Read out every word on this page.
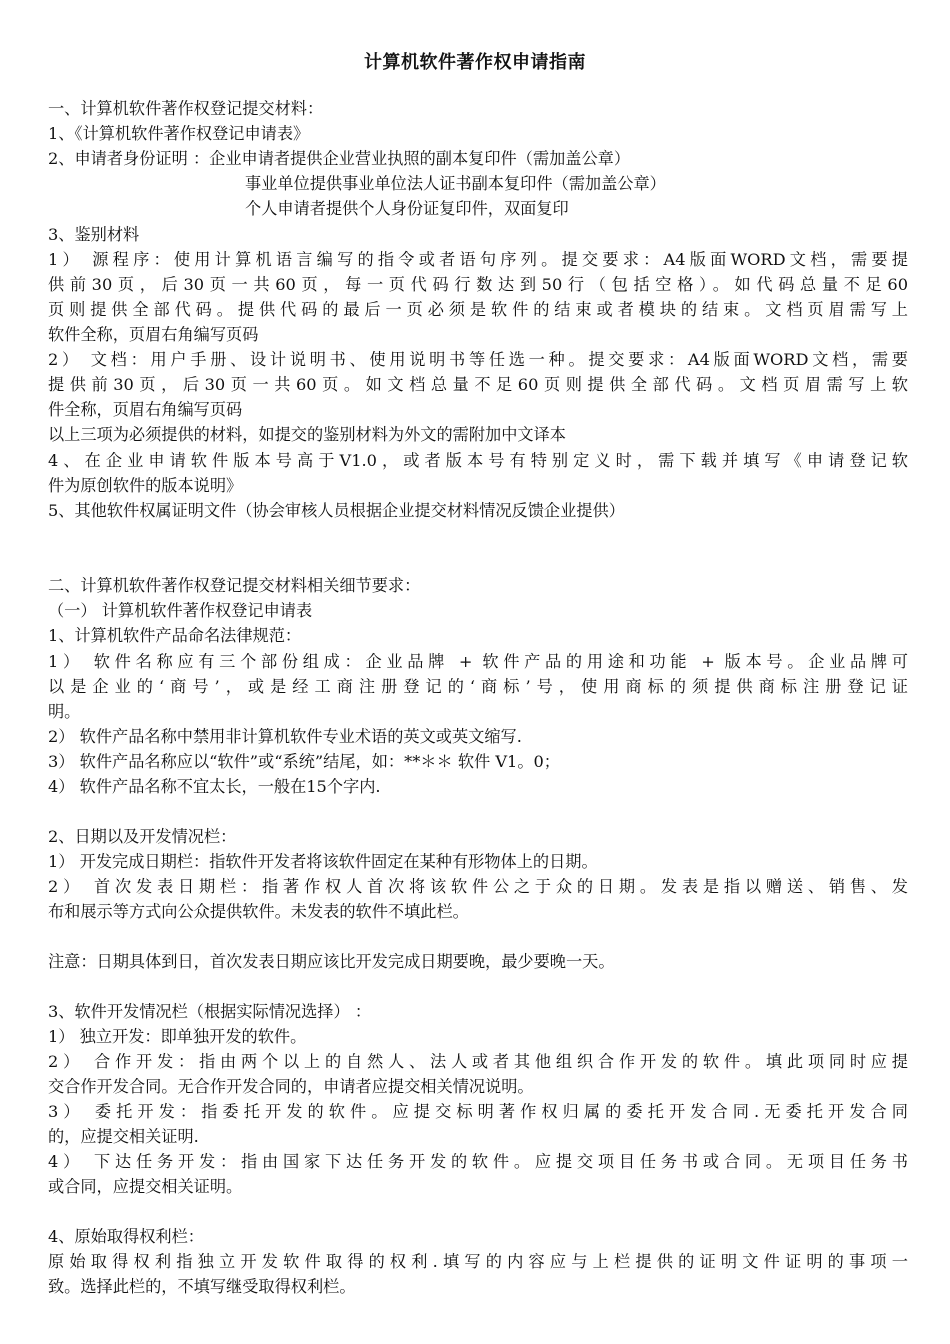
计算机软件著作权申请指南
一、计算机软件著作权登记提交材料：
1、《计算机软件著作权登记申请表》
2、申请者身份证明 ：企业申请者提供企业营业执照的副本复印件（需加盖公章）
事业单位提供事业单位法人证书副本复印件（需加盖公章）
个人申请者提供个人身份证复印件，双面复印
3、鉴别材料
1） 源程序：使用计算机语言编写的指令或者语句序列。提交要求：A4版面WORD文档，需要提
供前30页，后30页一共60页，每一页代码行数达到50行（包括空格）。如代码总量不足60
页则提供全部代码。提供代码的最后一页必须是软件的结束或者模块的结束。文档页眉需写上
软件全称，页眉右角编写页码
2） 文档：用户手册、设计说明书、使用说明书等任选一种。提交要求：A4版面WORD文档，需要
提供前30页，后30页一共60页。如文档总量不足60页则提供全部代码。文档页眉需写上软
件全称，页眉右角编写页码
以上三项为必须提供的材料，如提交的鉴别材料为外文的需附加中文译本
4、在企业申请软件版本号高于V1.0，或者版本号有特别定义时，需下载并填写《申请登记软
件为原创软件的版本说明》
5、其他软件权属证明文件（协会审核人员根据企业提交材料情况反馈企业提供）
二、计算机软件著作权登记提交材料相关细节要求：
（一） 计算机软件著作权登记申请表
1、计算机软件产品命名法律规范：
1） 软件名称应有三个部份组成：企业品牌 + 软件产品的用途和功能 + 版本号。企业品牌可
以是企业的‘商号’，或是经工商注册登记的‘商标’号，使用商标的须提供商标注册登记证
明。
2） 软件产品名称中禁用非计算机软件专业术语的英文或英文缩写.
3） 软件产品名称应以“软件”或“系统”结尾，如：**＊＊ 软件 V1。0；
4） 软件产品名称不宜太长，一般在15个字内.
2、日期以及开发情况栏：
1） 开发完成日期栏：指软件开发者将该软件固定在某种有形物体上的日期。
2） 首次发表日期栏：指著作权人首次将该软件公之于众的日期。发表是指以赠送、销售、发
布和展示等方式向公众提供软件。未发表的软件不填此栏。
注意：日期具体到日，首次发表日期应该比开发完成日期要晚，最少要晚一天。
3、软件开发情况栏（根据实际情况选择） ：
1） 独立开发：即单独开发的软件。
2） 合作开发：指由两个以上的自然人、法人或者其他组织合作开发的软件。填此项同时应提
交合作开发合同。无合作开发合同的，申请者应提交相关情况说明。
3） 委托开发：指委托开发的软件。应提交标明著作权归属的委托开发合同.无委托开发合同
的，应提交相关证明.
4） 下达任务开发：指由国家下达任务开发的软件。应提交项目任务书或合同。无项目任务书
或合同，应提交相关证明。
4、原始取得权利栏：
原始取得权利指独立开发软件取得的权利.填写的内容应与上栏提供的证明文件证明的事项一
致。选择此栏的，不填写继受取得权利栏。
